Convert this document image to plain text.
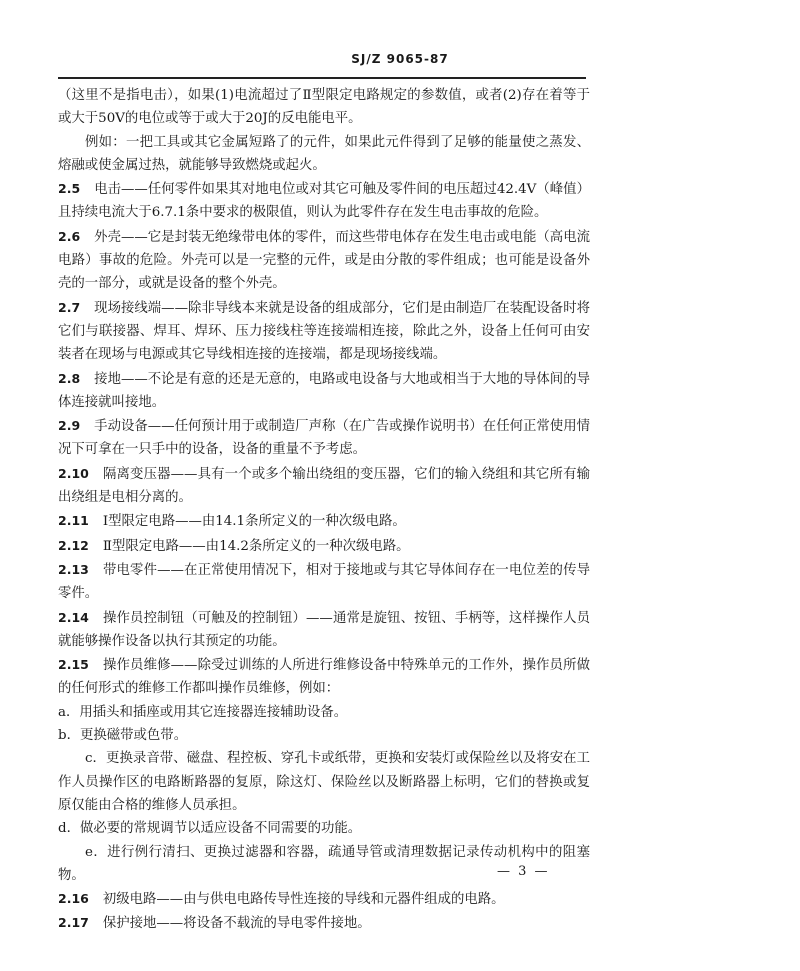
SJ/Z 9065-87

（这里不是指电击），如果(1)电流超过了Ⅱ型限定电路规定的参数值，或者(2)存在着等于或大于50V的电位或等于或大于20J的反电能电平。

例如：一把工具或其它金属短路了的元件，如果此元件得到了足够的能量使之蒸发、熔融或使金属过热，就能够导致燃烧或起火。

2.5 电击——任何零件如果其对地电位或对其它可触及零件间的电压超过42.4V（峰值）且持续电流大于6.7.1条中要求的极限值，则认为此零件存在发生电击事故的危险。

2.6 外壳——它是封装无绝缘带电体的零件，而这些带电体存在发生电击或电能（高电流电路）事故的危险。外壳可以是一完整的元件，或是由分散的零件组成；也可能是设备外壳的一部分，或就是设备的整个外壳。

2.7 现场接线端——除非导线本来就是设备的组成部分，它们是由制造厂在装配设备时将它们与联接器、焊耳、焊环、压力接线柱等连接端相连接，除此之外，设备上任何可由安装者在现场与电源或其它导线相连接的连接端，都是现场接线端。

2.8 接地——不论是有意的还是无意的，电路或电设备与大地或相当于大地的导体间的导体连接就叫接地。

2.9 手动设备——任何预计用于或制造厂声称（在广告或操作说明书）在任何正常使用情况下可拿在一只手中的设备，设备的重量不予考虑。

2.10 隔离变压器——具有一个或多个输出绕组的变压器，它们的输入绕组和其它所有输出绕组是电相分离的。

2.11 Ⅰ型限定电路——由14.1条所定义的一种次级电路。

2.12 Ⅱ型限定电路——由14.2条所定义的一种次级电路。

2.13 带电零件——在正常使用情况下，相对于接地或与其它导体间存在一电位差的传导零件。

2.14 操作员控制钮（可触及的控制钮）——通常是旋钮、按钮、手柄等，这样操作人员就能够操作设备以执行其预定的功能。

2.15 操作员维修——除受过训练的人所进行维修设备中特殊单元的工作外，操作员所做的任何形式的维修工作都叫操作员维修，例如：

a．用插头和插座或用其它连接器连接辅助设备。

b．更换磁带或色带。

c．更换录音带、磁盘、程控板、穿孔卡或纸带，更换和安装灯或保险丝以及将安在工作人员操作区的电路断路器的复原，除这灯、保险丝以及断路器上标明，它们的替换或复原仅能由合格的维修人员承担。

d．做必要的常规调节以适应设备不同需要的功能。

e．进行例行清扫、更换过滤器和容器，疏通导管或清理数据记录传动机构中的阻塞物。

2.16 初级电路——由与供电电路传导性连接的导线和元器件组成的电路。

2.17 保护接地——将设备不载流的导电零件接地。

— 3 —
